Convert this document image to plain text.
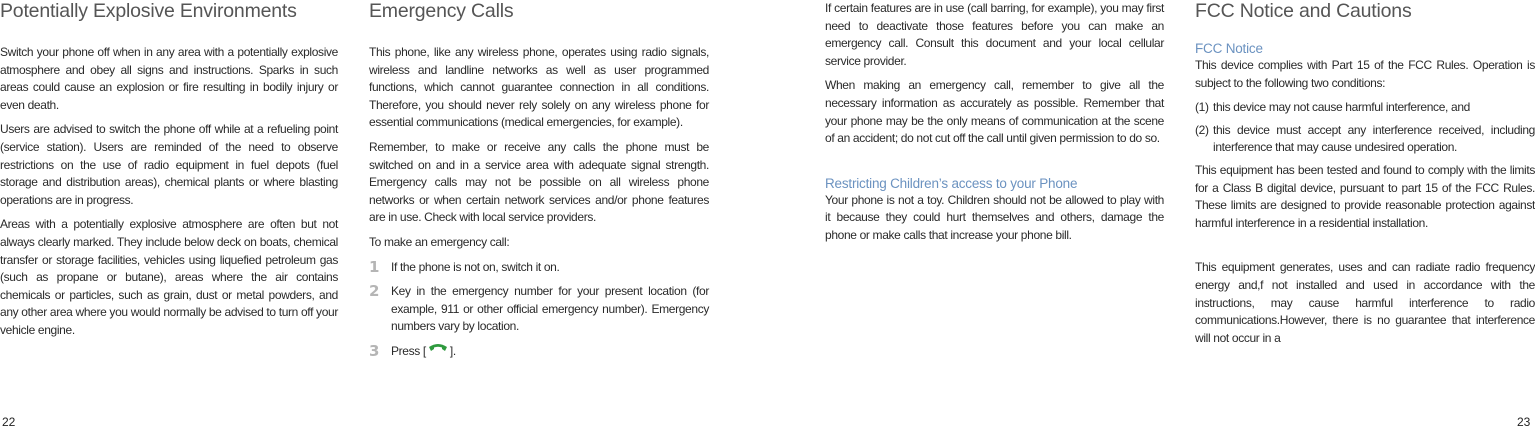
Potentially Explosive Environments

Switch your phone off when in any area with a potentially explosive atmosphere and obey all signs and instructions. Sparks in such areas could cause an explosion or fire resulting in bodily injury or even death.

Users are advised to switch the phone off while at a refueling point (service station). Users are reminded of the need to observe restrictions on the use of radio equipment in fuel depots (fuel storage and distribution areas), chemical plants or where blasting operations are in progress.

Areas with a potentially explosive atmosphere are often but not always clearly marked. They include below deck on boats, chemical transfer or storage facilities, vehicles using liquefied petroleum gas (such as propane or butane), areas where the air contains chemicals or particles, such as grain, dust or metal powders, and any other area where you would normally be advised to turn off your vehicle engine.

Emergency Calls

This phone, like any wireless phone, operates using radio signals, wireless and landline networks as well as user programmed functions, which cannot guarantee connection in all conditions. Therefore, you should never rely solely on any wireless phone for essential communications (medical emergencies, for example).

Remember, to make or receive any calls the phone must be switched on and in a service area with adequate signal strength. Emergency calls may not be possible on all wireless phone networks or when certain network services and/or phone features are in use. Check with local service providers.

To make an emergency call:

1 If the phone is not on, switch it on.
2 Key in the emergency number for your present location (for example, 911 or other official emergency number). Emergency numbers vary by location.
3 Press [ ].
22

If certain features are in use (call barring, for example), you may first need to deactivate those features before you can make an emergency call. Consult this document and your local cellular service provider.

When making an emergency call, remember to give all the necessary information as accurately as possible. Remember that your phone may be the only means of communication at the scene of an accident; do not cut off the call until given permission to do so.

Restricting Children’s access to your Phone

Your phone is not a toy. Children should not be allowed to play with it because they could hurt themselves and others, damage the phone or make calls that increase your phone bill.

FCC Notice and Cautions
FCC Notice

This device complies with Part 15 of the FCC Rules. Operation is subject to the following two conditions:

(1) this device may not cause harmful interference, and
(2) this device must accept any interference received, including interference that may cause undesired operation.

This equipment has been tested and found to comply with the limits for a Class B digital device, pursuant to part 15 of the FCC Rules. These limits are designed to provide reasonable protection against harmful interference in a residential installation.

This equipment generates, uses and can radiate radio frequency energy and,f not installed and used in accordance with the instructions, may cause harmful interference to radio communications.However, there is no guarantee that interference will not occur in a

23
